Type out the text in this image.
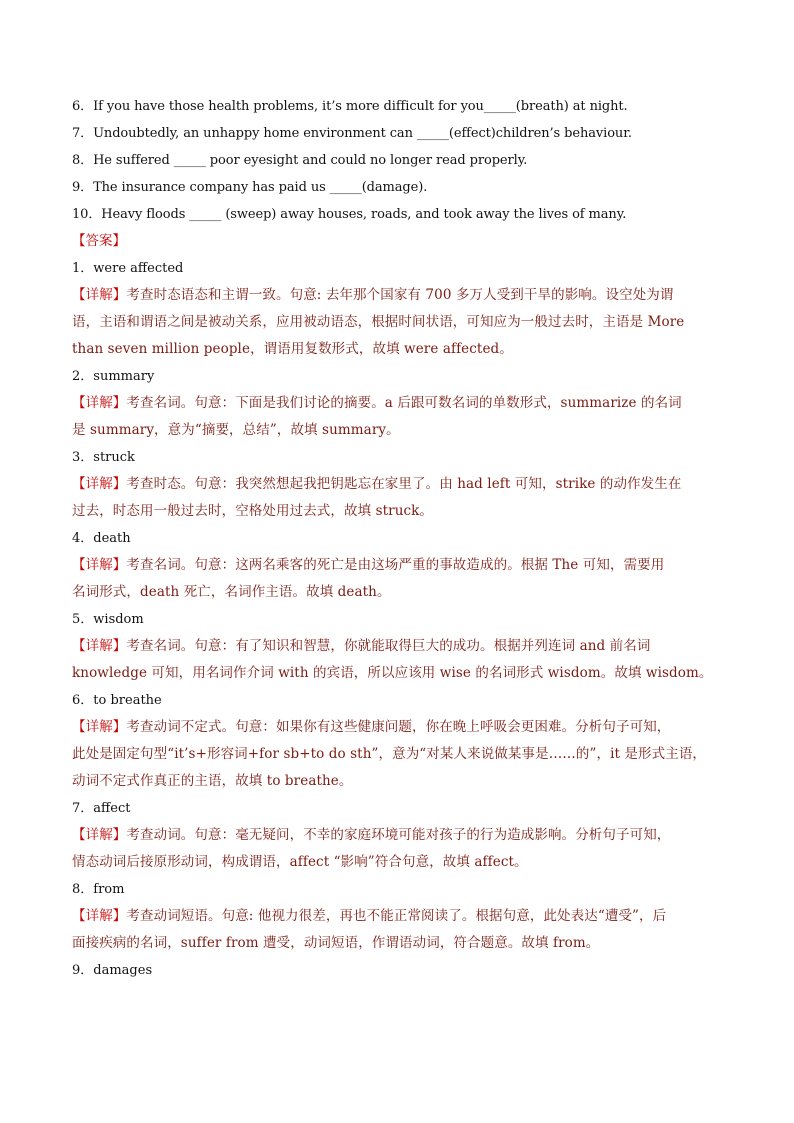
6．If you have those health problems, it’s more difficult for you_____(breath) at night.
7．Undoubtedly, an unhappy home environment can _____(effect)children’s behaviour.
8．He suffered _____ poor eyesight and could no longer read properly.
9．The insurance company has paid us _____(damage).
10．Heavy floods _____ (sweep) away houses, roads, and took away the lives of many.
【答案】
1．were affected
【详解】考查时态语态和主谓一致。句意: 去年那个国家有 700 多万人受到干旱的影响。设空处为谓
语，主语和谓语之间是被动关系，应用被动语态，根据时间状语，可知应为一般过去时，主语是 More
than seven million people，谓语用复数形式，故填 were affected。
2．summary
【详解】考查名词。句意：下面是我们讨论的摘要。a 后跟可数名词的单数形式，summarize 的名词
是 summary，意为“摘要，总结”，故填 summary。
3．struck
【详解】考查时态。句意：我突然想起我把钥匙忘在家里了。由 had left 可知，strike 的动作发生在
过去，时态用一般过去时，空格处用过去式，故填 struck。
4．death
【详解】考查名词。句意：这两名乘客的死亡是由这场严重的事故造成的。根据 The 可知，需要用
名词形式，death 死亡，名词作主语。故填 death。
5．wisdom
【详解】考查名词。句意：有了知识和智慧，你就能取得巨大的成功。根据并列连词 and 前名词
knowledge 可知，用名词作介词 with 的宾语，所以应该用 wise 的名词形式 wisdom。故填 wisdom。
6．to breathe
【详解】考查动词不定式。句意：如果你有这些健康问题，你在晚上呼吸会更困难。分析句子可知，
此处是固定句型“it’s+形容词+for sb+to do sth”，意为“对某人来说做某事是……的”，it 是形式主语，
动词不定式作真正的主语，故填 to breathe。
7．affect
【详解】考查动词。句意：毫无疑问，不幸的家庭环境可能对孩子的行为造成影响。分析句子可知，
情态动词后接原形动词，构成谓语，affect “影响”符合句意，故填 affect。
8．from
【详解】考查动词短语。句意: 他视力很差，再也不能正常阅读了。根据句意，此处表达“遭受”，后
面接疾病的名词，suffer from 遭受，动词短语，作谓语动词，符合题意。故填 from。
9．damages
